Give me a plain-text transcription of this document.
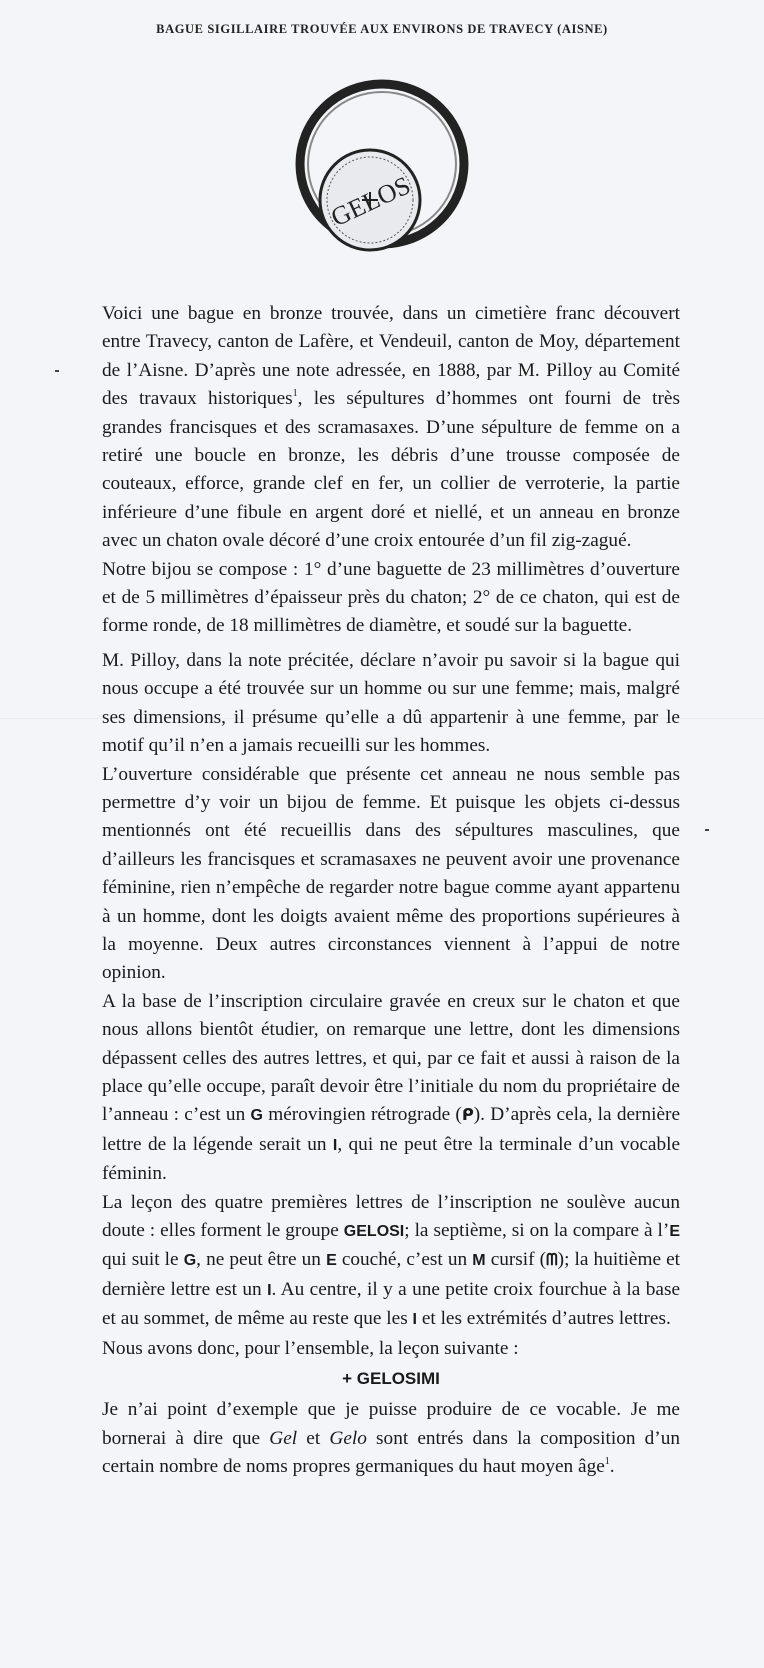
BAGUE SIGILLAIRE TROUVÉE AUX ENVIRONS DE TRAVECY (AISNE)

Voici une bague en bronze trouvée, dans un cimetière franc découvert entre Travecy, canton de Lafère, et Vendeuil, canton de Moy, département de l’Aisne. D’après une note adressée, en 1888, par M. Pilloy au Comité des travaux historiques$^1$, les sépultures d’hommes ont fourni de très grandes francisques et des scramasaxes. D’une sépulture de femme on a retiré une boucle en bronze, les débris d’une trousse composée de couteaux, efforce, grande clef en fer, un collier de verroterie, la partie inférieure d’une fibule en argent doré et niellé, et un anneau en bronze avec un chaton ovale décoré d’une croix entourée d’un fil zig-zagué.

Notre bijou se compose : 1° d’une baguette de 23 millimètres d’ouverture et de 5 millimètres d’épaisseur près du chaton; 2° de ce chaton, qui est de forme ronde, de 18 millimètres de diamètre, et soudé sur la baguette.

M. Pilloy, dans la note précitée, déclare n’avoir pu savoir si la bague qui nous occupe a été trouvée sur un homme ou sur une femme; mais, malgré ses dimensions, il présume qu’elle a dû appartenir à une femme, par le motif qu’il n’en a jamais recueilli sur les hommes.

L’ouverture considérable que présente cet anneau ne nous semble pas permettre d’y voir un bijou de femme. Et puisque les objets ci-dessus mentionnés ont été recueillis dans des sépultures masculines, que d’ailleurs les francisques et scramasaxes ne peuvent avoir une provenance féminine, rien n’empêche de regarder notre bague comme ayant appartenu à un homme, dont les doigts avaient même des proportions supérieures à la moyenne. Deux autres circonstances viennent à l’appui de notre opinion.

A la base de l’inscription circulaire gravée en creux sur le chaton et que nous allons bientôt étudier, on remarque une lettre, dont les dimensions dépassent celles des autres lettres, et qui, par ce fait et aussi à raison de la place qu’elle occupe, paraît devoir être l’initiale du nom du propriétaire de l’anneau : c’est un G mérovingien rétrograde (ᑭ). D’après cela, la dernière lettre de la légende serait un I, qui ne peut être la terminale d’un vocable féminin.

La leçon des quatre premières lettres de l’inscription ne soulève aucun doute : elles forment le groupe GELOSI; la septième, si on la compare à l’E qui suit le G, ne peut être un E couché, c’est un M cursif (ᗰ); la huitième et dernière lettre est un I. Au centre, il y a une petite croix fourchue à la base et au sommet, de même au reste que les I et les extrémités d’autres lettres.

Nous avons donc, pour l’ensemble, la leçon suivante :

+ GELOSIMI

Je n’ai point d’exemple que je puisse produire de ce vocable. Je me bornerai à dire que Gel et Gelo sont entrés dans la composition d’un certain nombre de noms propres germaniques du haut moyen âge$^1$.
